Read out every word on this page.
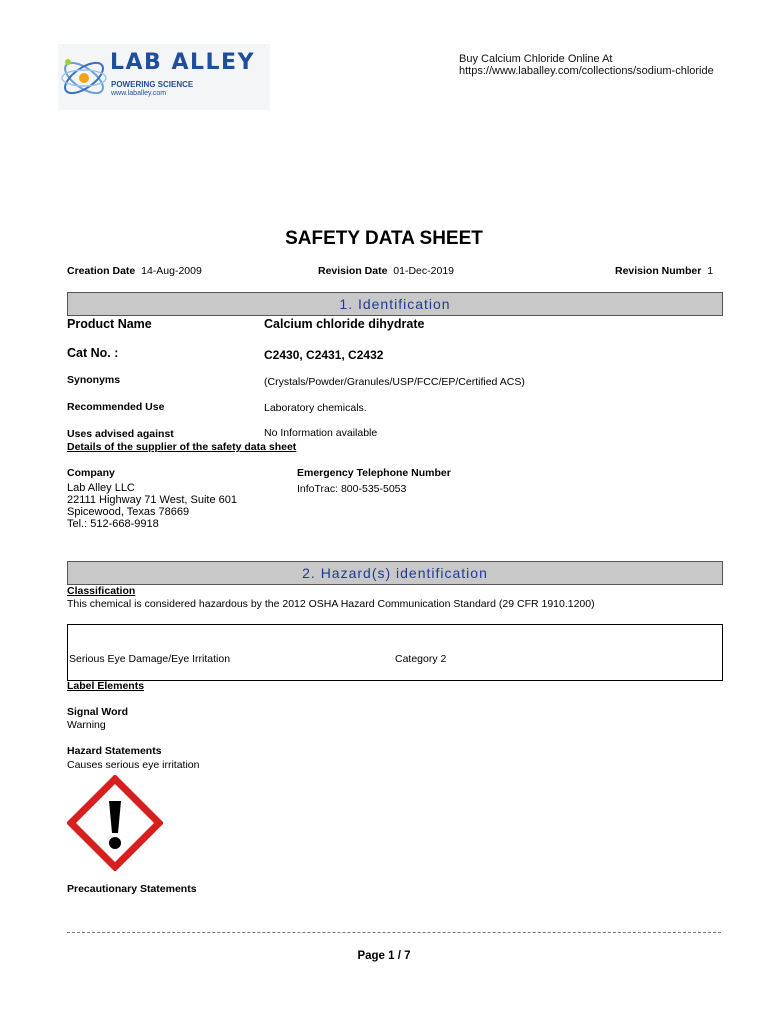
LAB ALLEY
POWERING SCIENCE
www.laballey.com
Buy Calcium Chloride Online At
https://www.laballey.com/collections/sodium-chloride
SAFETY DATA SHEET
Creation Date 14-Aug-2009	Revision Date 01-Dec-2019	Revision Number 1
1. Identification
Product Name	Calcium chloride dihydrate
Cat No. :	C2430, C2431, C2432
Synonyms	(Crystals/Powder/Granules/USP/FCC/EP/Certified ACS)
Recommended Use	Laboratory chemicals.
Uses advised against	No Information available
Details of the supplier of the safety data sheet
Company
Lab Alley LLC
22111 Highway 71 West, Suite 601
Spicewood, Texas 78669
Tel.: 512-668-9918
Emergency Telephone Number
InfoTrac: 800-535-5053
2. Hazard(s) identification
Classification
This chemical is considered hazardous by the 2012 OSHA Hazard Communication Standard (29 CFR 1910.1200)
Serious Eye Damage/Eye Irritation	Category 2
Label Elements
Signal Word
Warning
Hazard Statements
Causes serious eye irritation
Precautionary Statements
Page 1 / 7
